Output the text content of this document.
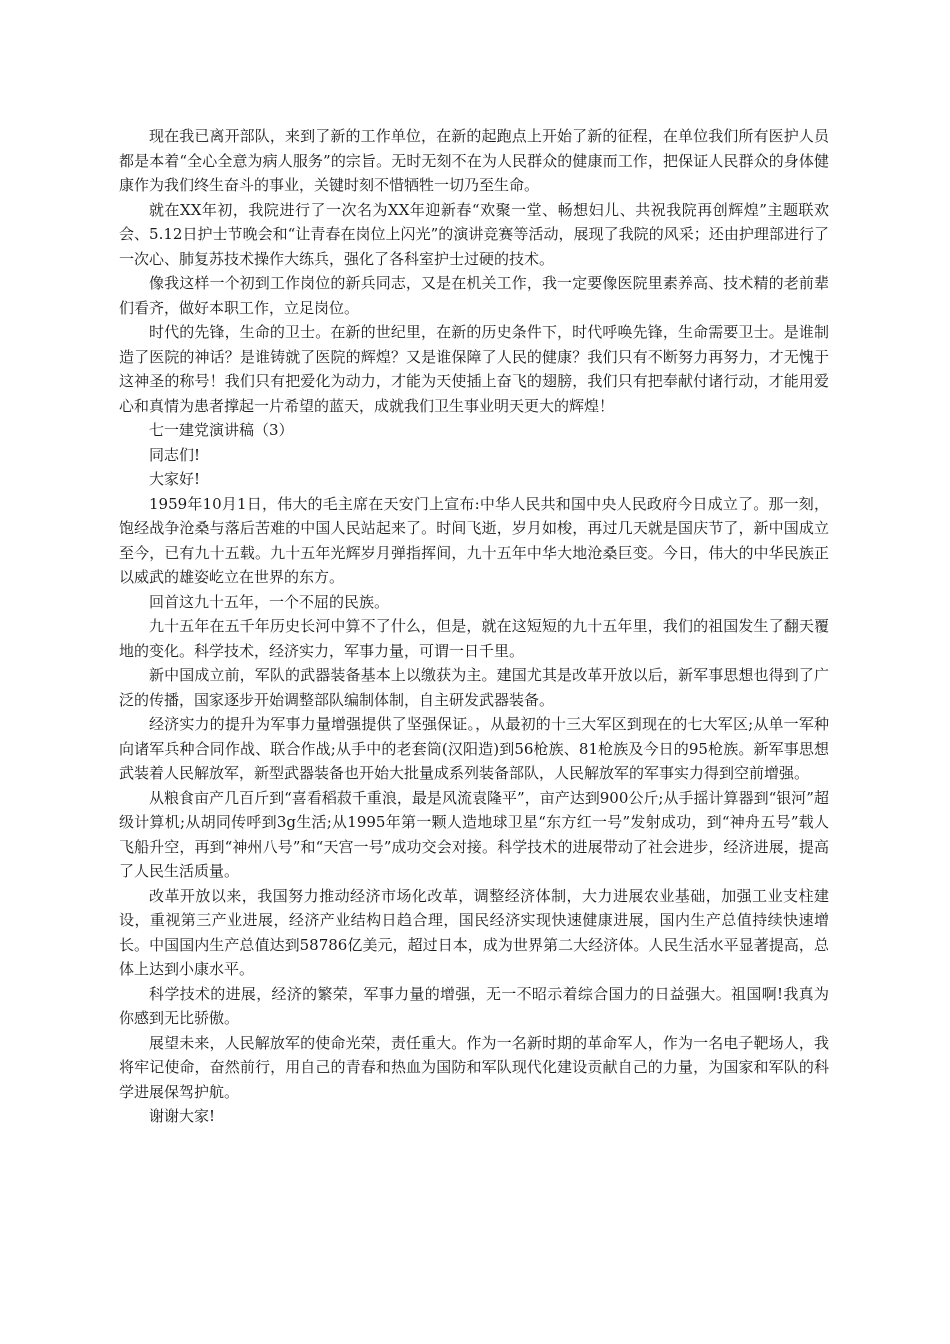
现在我已离开部队，来到了新的工作单位，在新的起跑点上开始了新的征程，在单位我们所有医护人员都是本着“全心全意为病人服务”的宗旨。无时无刻不在为人民群众的健康而工作，把保证人民群众的身体健康作为我们终生奋斗的事业，关键时刻不惜牺牲一切乃至生命。

就在XX年初，我院进行了一次名为XX年迎新春“欢聚一堂、畅想妇儿、共祝我院再创辉煌”主题联欢会、5.12日护士节晚会和“让青春在岗位上闪光”的演讲竞赛等活动，展现了我院的风采；还由护理部进行了一次心、肺复苏技术操作大练兵，强化了各科室护士过硬的技术。

像我这样一个初到工作岗位的新兵同志，又是在机关工作，我一定要像医院里素养高、技术精的老前辈们看齐，做好本职工作，立足岗位。

时代的先锋，生命的卫士。在新的世纪里，在新的历史条件下，时代呼唤先锋，生命需要卫士。是谁制造了医院的神话？是谁铸就了医院的辉煌？又是谁保障了人民的健康？我们只有不断努力再努力，才无愧于这神圣的称号！我们只有把爱化为动力，才能为天使插上奋飞的翅膀，我们只有把奉献付诸行动，才能用爱心和真情为患者撑起一片希望的蓝天，成就我们卫生事业明天更大的辉煌！

七一建党演讲稿（3）

同志们!

大家好!

1959年10月1日，伟大的毛主席在天安门上宣布:中华人民共和国中央人民政府今日成立了。那一刻，饱经战争沧桑与落后苦难的中国人民站起来了。时间飞逝，岁月如梭，再过几天就是国庆节了，新中国成立至今，已有九十五载。九十五年光辉岁月弹指挥间，九十五年中华大地沧桑巨变。今日，伟大的中华民族正以威武的雄姿屹立在世界的东方。

回首这九十五年，一个不屈的民族。

九十五年在五千年历史长河中算不了什么，但是，就在这短短的九十五年里，我们的祖国发生了翻天覆地的变化。科学技术，经济实力，军事力量，可谓一日千里。

新中国成立前，军队的武器装备基本上以缴获为主。建国尤其是改革开放以后，新军事思想也得到了广泛的传播，国家逐步开始调整部队编制体制，自主研发武器装备。

经济实力的提升为军事力量增强提供了坚强保证。，从最初的十三大军区到现在的七大军区;从单一军种向诸军兵种合同作战、联合作战;从手中的老套筒(汉阳造)到56枪族、81枪族及今日的95枪族。新军事思想武装着人民解放军，新型武器装备也开始大批量成系列装备部队，人民解放军的军事实力得到空前增强。

从粮食亩产几百斤到“喜看稻菽千重浪，最是风流袁隆平”，亩产达到900公斤;从手摇计算器到“银河”超级计算机;从胡同传呼到3g生活;从1995年第一颗人造地球卫星“东方红一号”发射成功，到“神舟五号”载人飞船升空，再到“神州八号”和“天宫一号”成功交会对接。科学技术的进展带动了社会进步，经济进展，提高了人民生活质量。

改革开放以来，我国努力推动经济市场化改革，调整经济体制，大力进展农业基础，加强工业支柱建设，重视第三产业进展，经济产业结构日趋合理，国民经济实现快速健康进展，国内生产总值持续快速增长。中国国内生产总值达到58786亿美元，超过日本，成为世界第二大经济体。人民生活水平显著提高，总体上达到小康水平。

科学技术的进展，经济的繁荣，军事力量的增强，无一不昭示着综合国力的日益强大。祖国啊!我真为你感到无比骄傲。

展望未来，人民解放军的使命光荣，责任重大。作为一名新时期的革命军人，作为一名电子靶场人，我将牢记使命，奋然前行，用自己的青春和热血为国防和军队现代化建设贡献自己的力量，为国家和军队的科学进展保驾护航。

谢谢大家!
